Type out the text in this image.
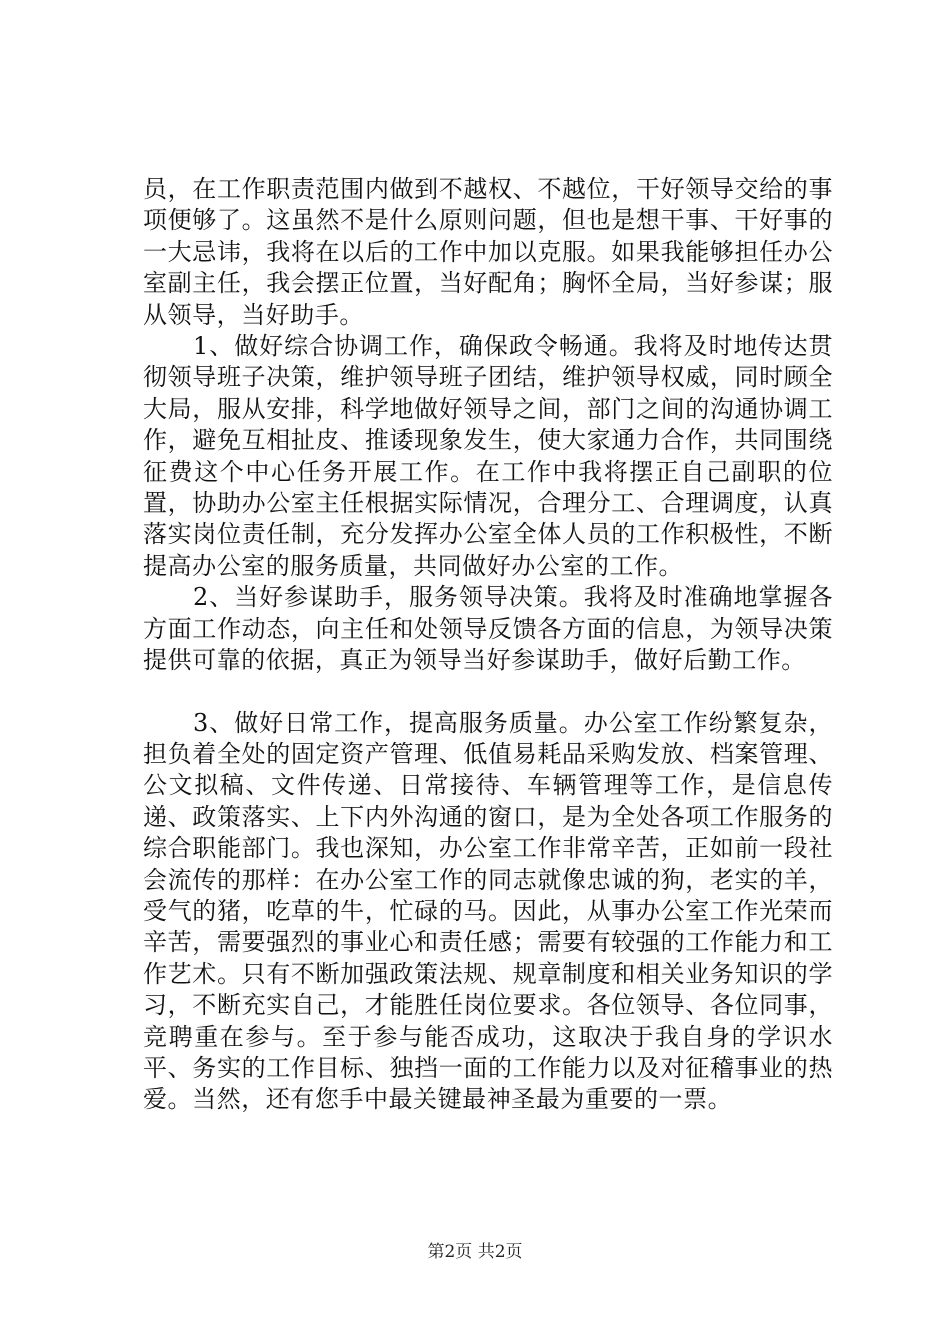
员，在工作职责范围内做到不越权、不越位，干好领导交给的事项便够了。这虽然不是什么原则问题，但也是想干事、干好事的一大忌讳，我将在以后的工作中加以克服。如果我能够担任办公室副主任，我会摆正位置，当好配角；胸怀全局，当好参谋；服从领导，当好助手。

1、做好综合协调工作，确保政令畅通。我将及时地传达贯彻领导班子决策，维护领导班子团结，维护领导权威，同时顾全大局，服从安排，科学地做好领导之间，部门之间的沟通协调工作，避免互相扯皮、推诿现象发生，使大家通力合作，共同围绕征费这个中心任务开展工作。在工作中我将摆正自己副职的位置，协助办公室主任根据实际情况，合理分工、合理调度，认真落实岗位责任制，充分发挥办公室全体人员的工作积极性，不断提高办公室的服务质量，共同做好办公室的工作。

2、当好参谋助手，服务领导决策。我将及时准确地掌握各方面工作动态，向主任和处领导反馈各方面的信息，为领导决策提供可靠的依据，真正为领导当好参谋助手，做好后勤工作。

3、做好日常工作，提高服务质量。办公室工作纷繁复杂，担负着全处的固定资产管理、低值易耗品采购发放、档案管理、公文拟稿、文件传递、日常接待、车辆管理等工作，是信息传递、政策落实、上下内外沟通的窗口，是为全处各项工作服务的综合职能部门。我也深知，办公室工作非常辛苦，正如前一段社会流传的那样：在办公室工作的同志就像忠诚的狗，老实的羊，受气的猪，吃草的牛，忙碌的马。因此，从事办公室工作光荣而辛苦，需要强烈的事业心和责任感；需要有较强的工作能力和工作艺术。只有不断加强政策法规、规章制度和相关业务知识的学习，不断充实自己，才能胜任岗位要求。各位领导、各位同事，竞聘重在参与。至于参与能否成功，这取决于我自身的学识水平、务实的工作目标、独挡一面的工作能力以及对征稽事业的热爱。当然，还有您手中最关键最神圣最为重要的一票。

第2页 共2页
